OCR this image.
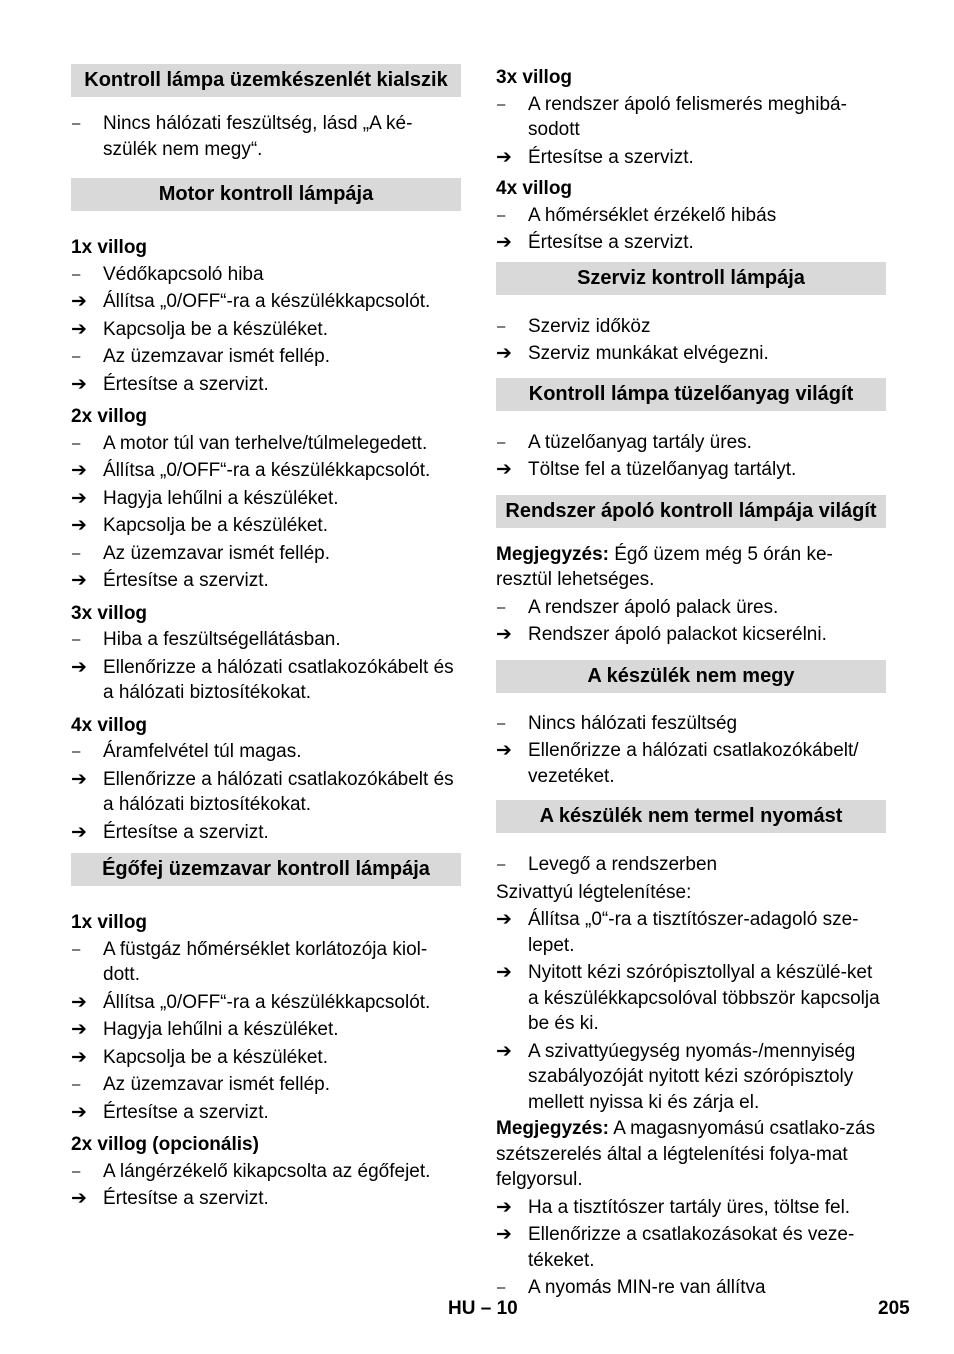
Kontroll lámpa üzemkészenlét kialszik
–	Nincs hálózati feszültség, lásd „A ké-szülék nem megy“.
Motor kontroll lámpája
1x villog
–	Védőkapcsoló hiba
➔ Állítsa „0/OFF“-ra a készülékkapcsolót.
➔ Kapcsolja be a készüléket.
–	Az üzemzavar ismét fellép.
➔ Értesítse a szervizt.
2x villog
–	A motor túl van terhelve/túlmelegedett.
➔ Állítsa „0/OFF“-ra a készülékkapcsolót.
➔ Hagyja lehűlni a készüléket.
➔ Kapcsolja be a készüléket.
–	Az üzemzavar ismét fellép.
➔ Értesítse a szervizt.
3x villog
–	Hiba a feszültségellátásban.
➔ Ellenőrizze a hálózati csatlakozókábelt és a hálózati biztosítékokat.
4x villog
–	Áramfelvétel túl magas.
➔ Ellenőrizze a hálózati csatlakozókábelt és a hálózati biztosítékokat.
➔ Értesítse a szervizt.
Égőfej üzemzavar kontroll lámpája
1x villog
–	A füstgáz hőmérséklet korlátozója kiol-dott.
➔ Állítsa „0/OFF“-ra a készülékkapcsolót.
➔ Hagyja lehűlni a készüléket.
➔ Kapcsolja be a készüléket.
–	Az üzemzavar ismét fellép.
➔ Értesítse a szervizt.
2x villog (opcionális)
–	A lángérzékelő kikapcsolta az égőfejet.
➔ Értesítse a szervizt.
3x villog
–	A rendszer ápoló felismerés meghibá-sodott
➔ Értesítse a szervizt.
4x villog
–	A hőmérséklet érzékelő hibás
➔ Értesítse a szervizt.
Szerviz kontroll lámpája
–	Szerviz időköz
➔ Szerviz munkákat elvégezni.
Kontroll lámpa tüzelőanyag világít
–	A tüzelőanyag tartály üres.
➔ Töltse fel a tüzelőanyag tartályt.
Rendszer ápoló kontroll lámpája világít
Megjegyzés: Égő üzem még 5 órán ke-resztül lehetséges.
–	A rendszer ápoló palack üres.
➔ Rendszer ápoló palackot kicserélni.
A készülék nem megy
–	Nincs hálózati feszültség
➔ Ellenőrizze a hálózati csatlakozókábelt/ vezetéket.
A készülék nem termel nyomást
–	Levegő a rendszerben
Szivattyú légtelenítése:
➔ Állítsa „0“-ra a tisztítószer-adagoló sze-lepet.
➔ Nyitott kézi szórópisztollyal a készülé-ket a készülékkapcsolóval többször kapcsolja be és ki.
➔ A szivattyúegység nyomás-/mennyiség szabályozóját nyitott kézi szórópisztoly mellett nyissa ki és zárja el.
Megjegyzés: A magasnyomású csatlako-zás szétszerelés által a légtelenítési folya-mat felgyorsul.
➔ Ha a tisztítószer tartály üres, töltse fel.
➔ Ellenőrizze a csatlakozásokat és veze-tékeket.
–	A nyomás MIN-re van állítva
HU – 10	205
